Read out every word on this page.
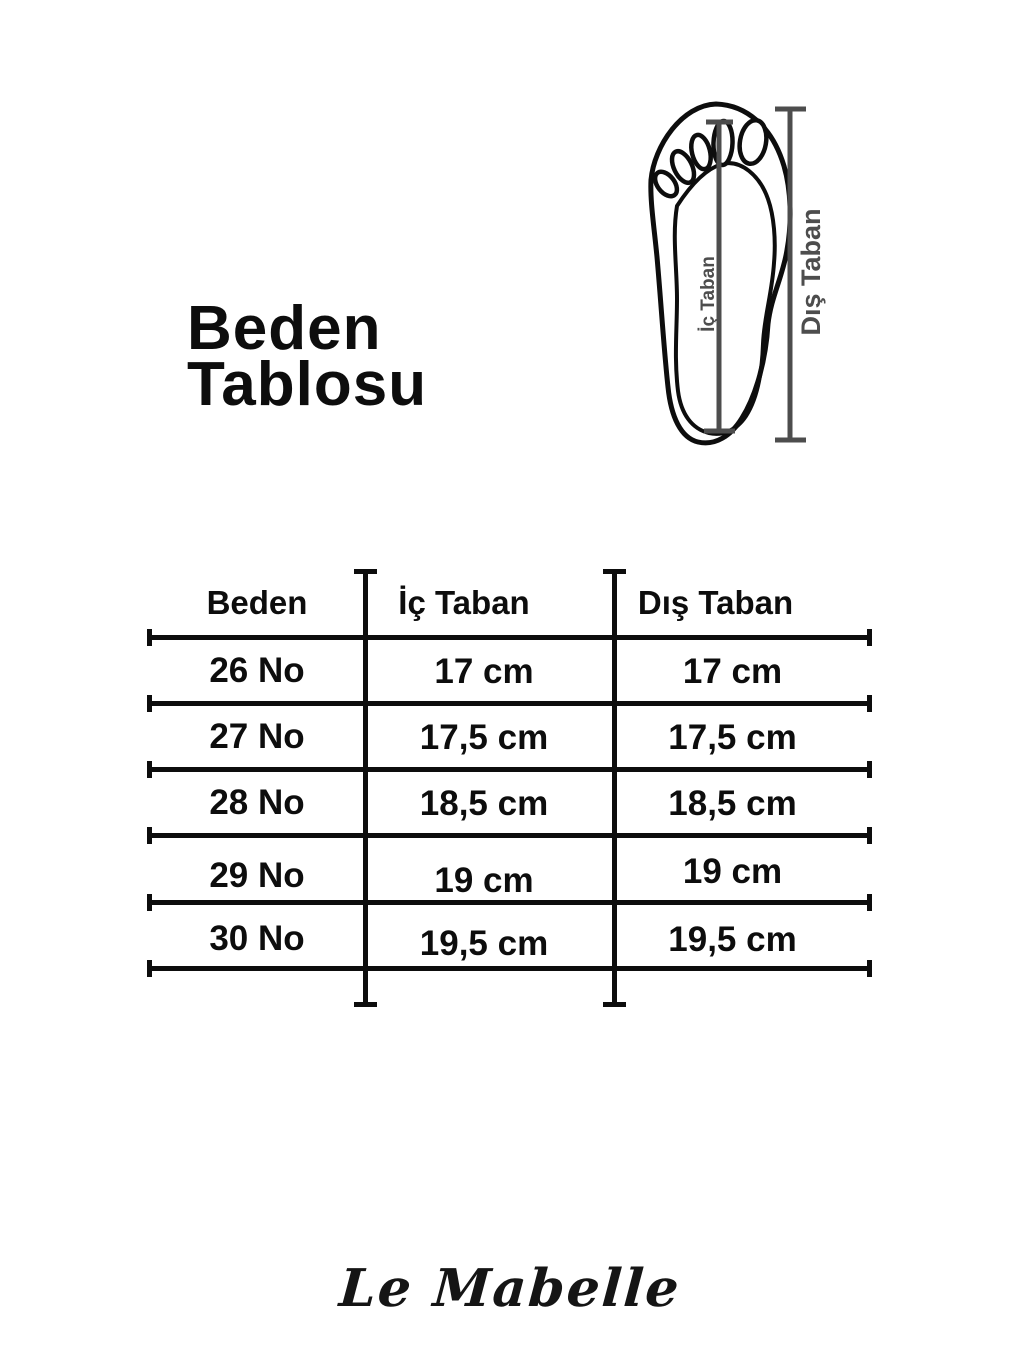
Beden
Tablosu
İç Taban	Dış Taban
Beden	İç Taban	Dış Taban
26 No	17 cm	17 cm
27 No	17,5 cm	17,5 cm
28 No	18,5 cm	18,5 cm
29 No	19 cm	19 cm
30 No	19,5 cm	19,5 cm
Le Mabelle
